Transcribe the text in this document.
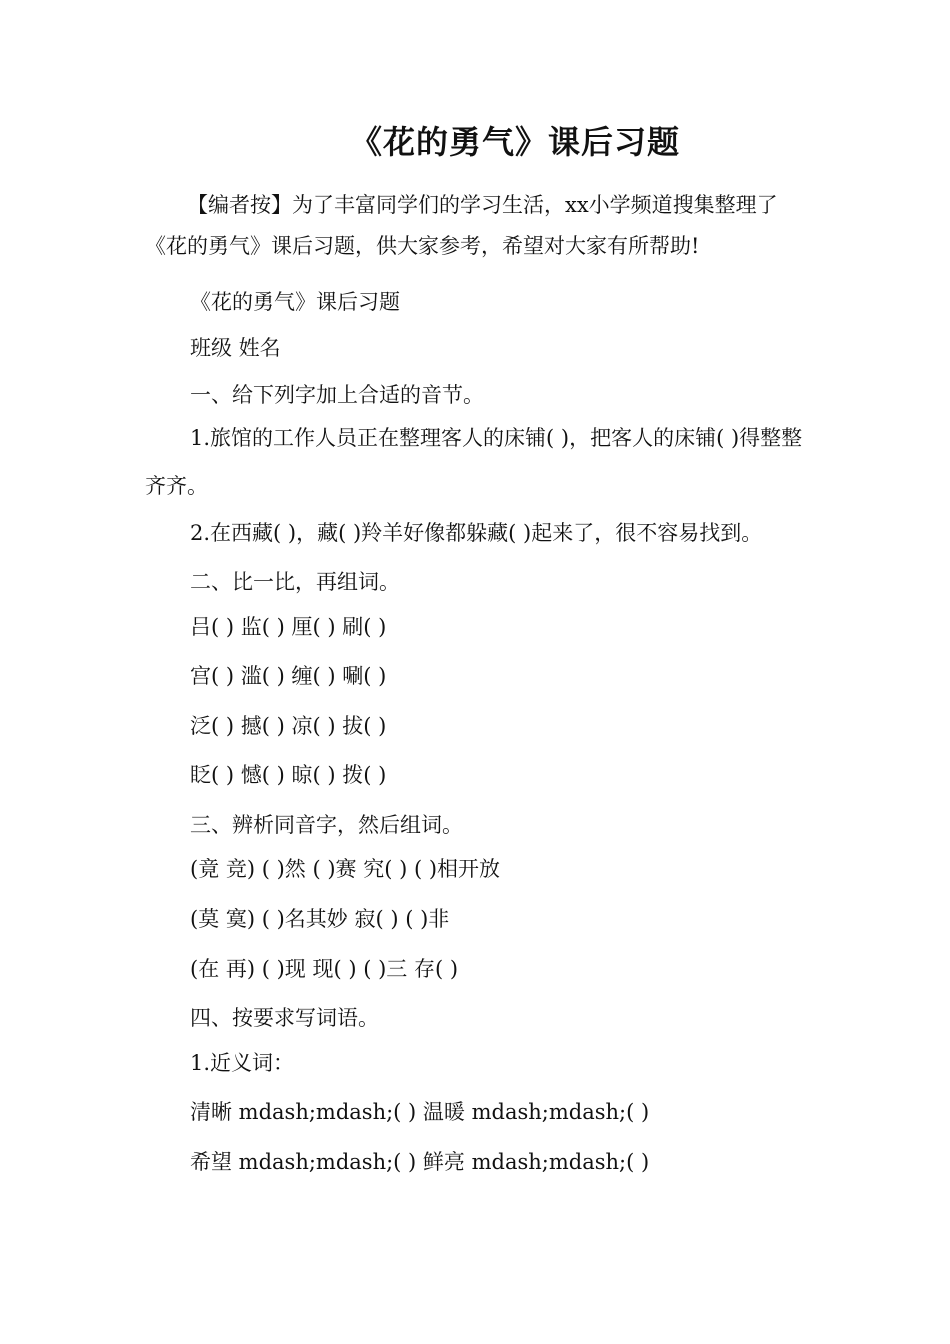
《花的勇气》课后习题

【编者按】为了丰富同学们的学习生活，xx小学频道搜集整理了《花的勇气》课后习题，供大家参考，希望对大家有所帮助!

《花的勇气》课后习题

班级 姓名

一、给下列字加上合适的音节。

1.旅馆的工作人员正在整理客人的床铺( )，把客人的床铺( )得整整齐齐。

2.在西藏( )，藏( )羚羊好像都躲藏( )起来了，很不容易找到。

二、比一比，再组词。

吕( ) 监( ) 厘( ) 刷( )

宫( ) 滥( ) 缠( ) 唰( )

泛( ) 撼( ) 凉( ) 拔( )

眨( ) 憾( ) 晾( ) 拨( )

三、辨析同音字，然后组词。

(竟 竞) ( )然 ( )赛 究( ) ( )相开放

(莫 寞) ( )名其妙 寂( ) ( )非

(在 再) ( )现 现( ) ( )三 存( )

四、按要求写词语。

1.近义词：

清晰 mdash;mdash;( ) 温暖 mdash;mdash;( )

希望 mdash;mdash;( ) 鲜亮 mdash;mdash;( )
